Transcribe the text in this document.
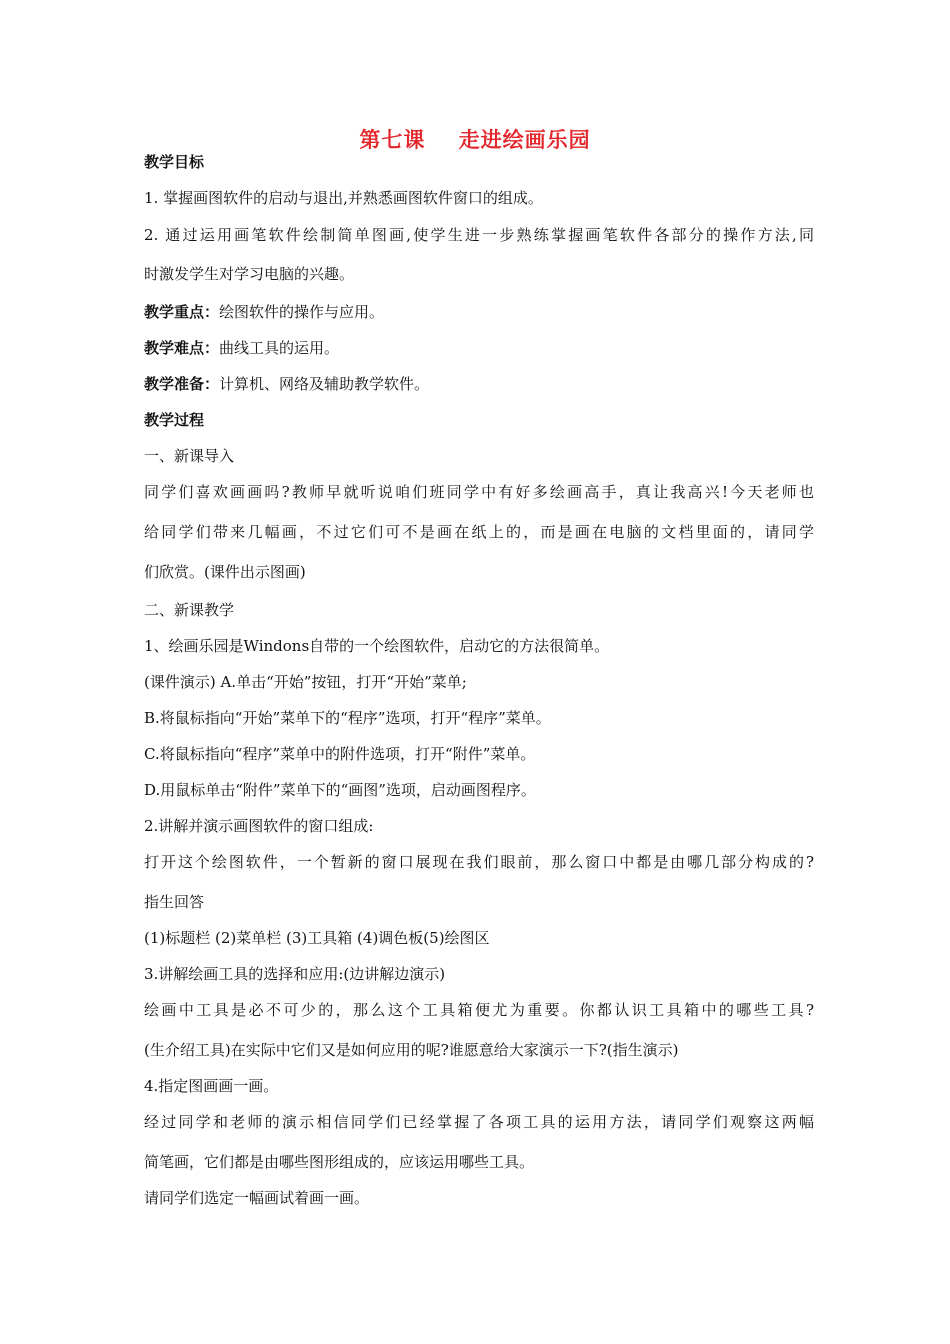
第七课    走进绘画乐园
教学目标
1. 掌握画图软件的启动与退出,并熟悉画图软件窗口的组成。
2. 通过运用画笔软件绘制简单图画,使学生进一步熟练掌握画笔软件各部分的操作方法,同
时激发学生对学习电脑的兴趣。
教学重点：绘图软件的操作与应用。
教学难点：曲线工具的运用。
教学准备：计算机、网络及辅助教学软件。
教学过程
一、新课导入
同学们喜欢画画吗?教师早就听说咱们班同学中有好多绘画高手，真让我高兴!今天老师也
给同学们带来几幅画，不过它们可不是画在纸上的，而是画在电脑的文档里面的，请同学
们欣赏。(课件出示图画)
二、新课教学
1、绘画乐园是Windons自带的一个绘图软件，启动它的方法很简单。
(课件演示) A.单击“开始”按钮，打开“开始”菜单;
B.将鼠标指向“开始”菜单下的“程序”选项，打开“程序”菜单。
C.将鼠标指向“程序”菜单中的附件选项，打开“附件”菜单。
D.用鼠标单击“附件”菜单下的“画图”选项，启动画图程序。
2.讲解并演示画图软件的窗口组成:
打开这个绘图软件，一个暂新的窗口展现在我们眼前，那么窗口中都是由哪几部分构成的?
指生回答
(1)标题栏 (2)菜单栏 (3)工具箱 (4)调色板(5)绘图区
3.讲解绘画工具的选择和应用:(边讲解边演示)
绘画中工具是必不可少的，那么这个工具箱便尤为重要。你都认识工具箱中的哪些工具?
(生介绍工具)在实际中它们又是如何应用的呢?谁愿意给大家演示一下?(指生演示)
4.指定图画画一画。
经过同学和老师的演示相信同学们已经掌握了各项工具的运用方法，请同学们观察这两幅
简笔画，它们都是由哪些图形组成的，应该运用哪些工具。
请同学们选定一幅画试着画一画。
